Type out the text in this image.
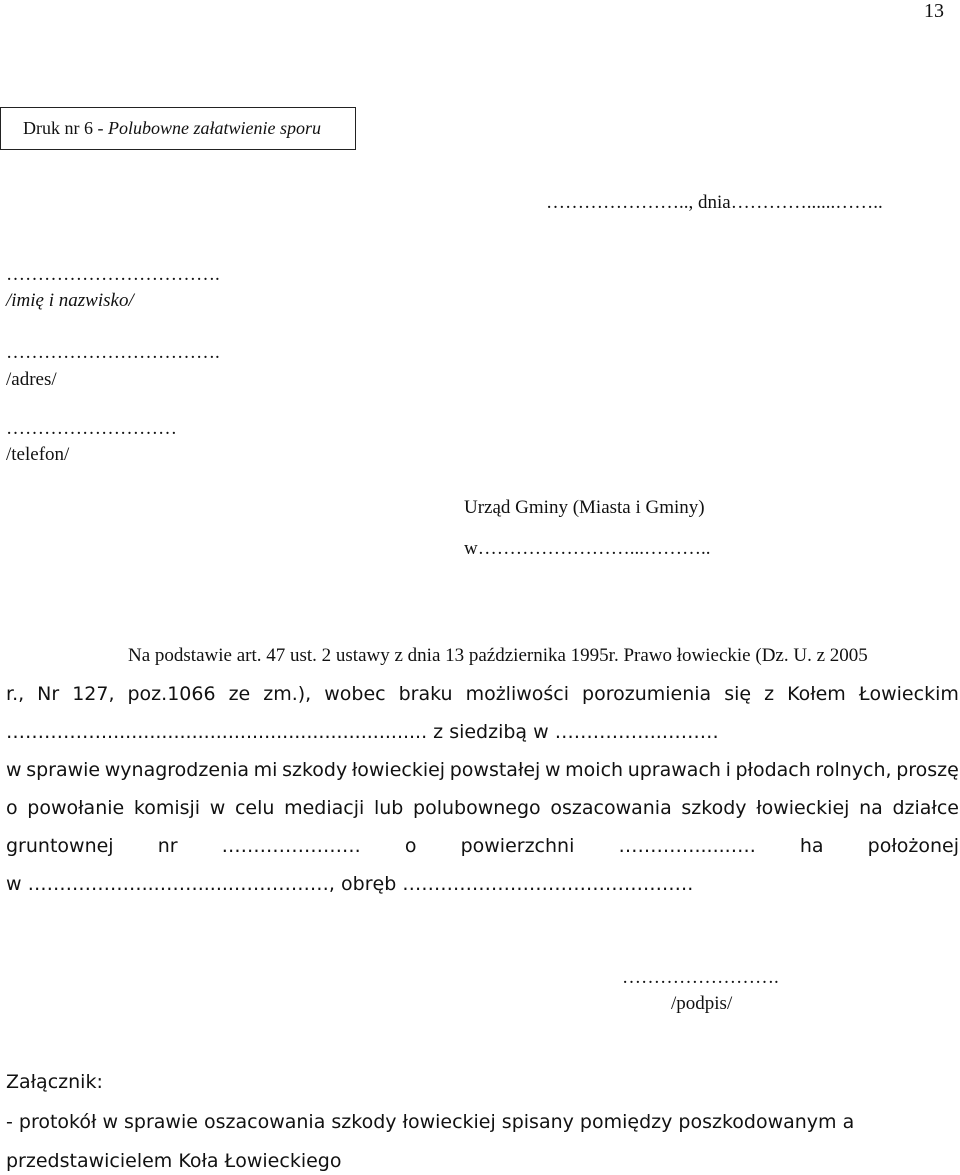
13
Druk nr 6 -
Polubowne załatwienie sporu
………………….., dnia…………......……..
…………………………….
/imię i nazwisko/
…………………………….
/adres/
………………………
/telefon/
Urząd Gminy (Miasta i Gminy)
w……………………...………..
Na podstawie art. 47 ust. 2 ustawy z dnia 13 października 1995r. Prawo łowieckie (Dz. U. z 2005
r., Nr 127, poz.1066 ze zm.), wobec braku możliwości porozumienia się z Kołem Łowieckim
……………...................................................... z siedzibą w ……………..………
w sprawie wynagrodzenia mi szkody łowieckiej powstałej w moich uprawach i płodach rolnych, proszę
o powołanie komisji w celu mediacji lub polubownego oszacowania szkody łowieckiej na działce
gruntownej nr …………………. o powierzchni …………......…. ha położonej
w ………………...……......……………, obręb ……………………………………….
…………………….
/podpis/
Załącznik:
- protokół w sprawie oszacowania szkody łowieckiej spisany pomiędzy poszkodowanym a
przedstawicielem Koła Łowieckiego
